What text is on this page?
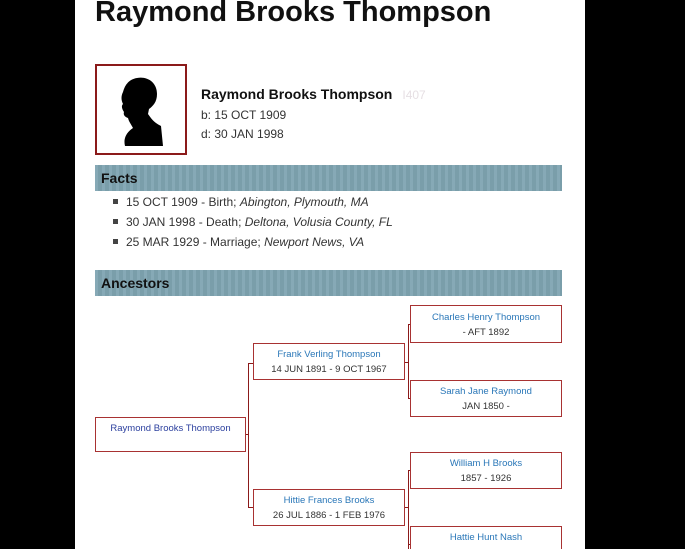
Raymond Brooks Thompson
Raymond Brooks Thompson I407
b: 15 OCT 1909
d: 30 JAN 1998
Facts
15 OCT 1909 - Birth; Abington, Plymouth, MA
30 JAN 1998 - Death; Deltona, Volusia County, FL
25 MAR 1929 - Marriage; Newport News, VA
Ancestors
Raymond Brooks Thompson
Frank Verling Thompson
14 JUN 1891 - 9 OCT 1967
Hittie Frances Brooks
26 JUL 1886 - 1 FEB 1976
Charles Henry Thompson
- AFT 1892
Sarah Jane Raymond
JAN 1850 -
William H Brooks
1857 - 1926
Hattie Hunt Nash
